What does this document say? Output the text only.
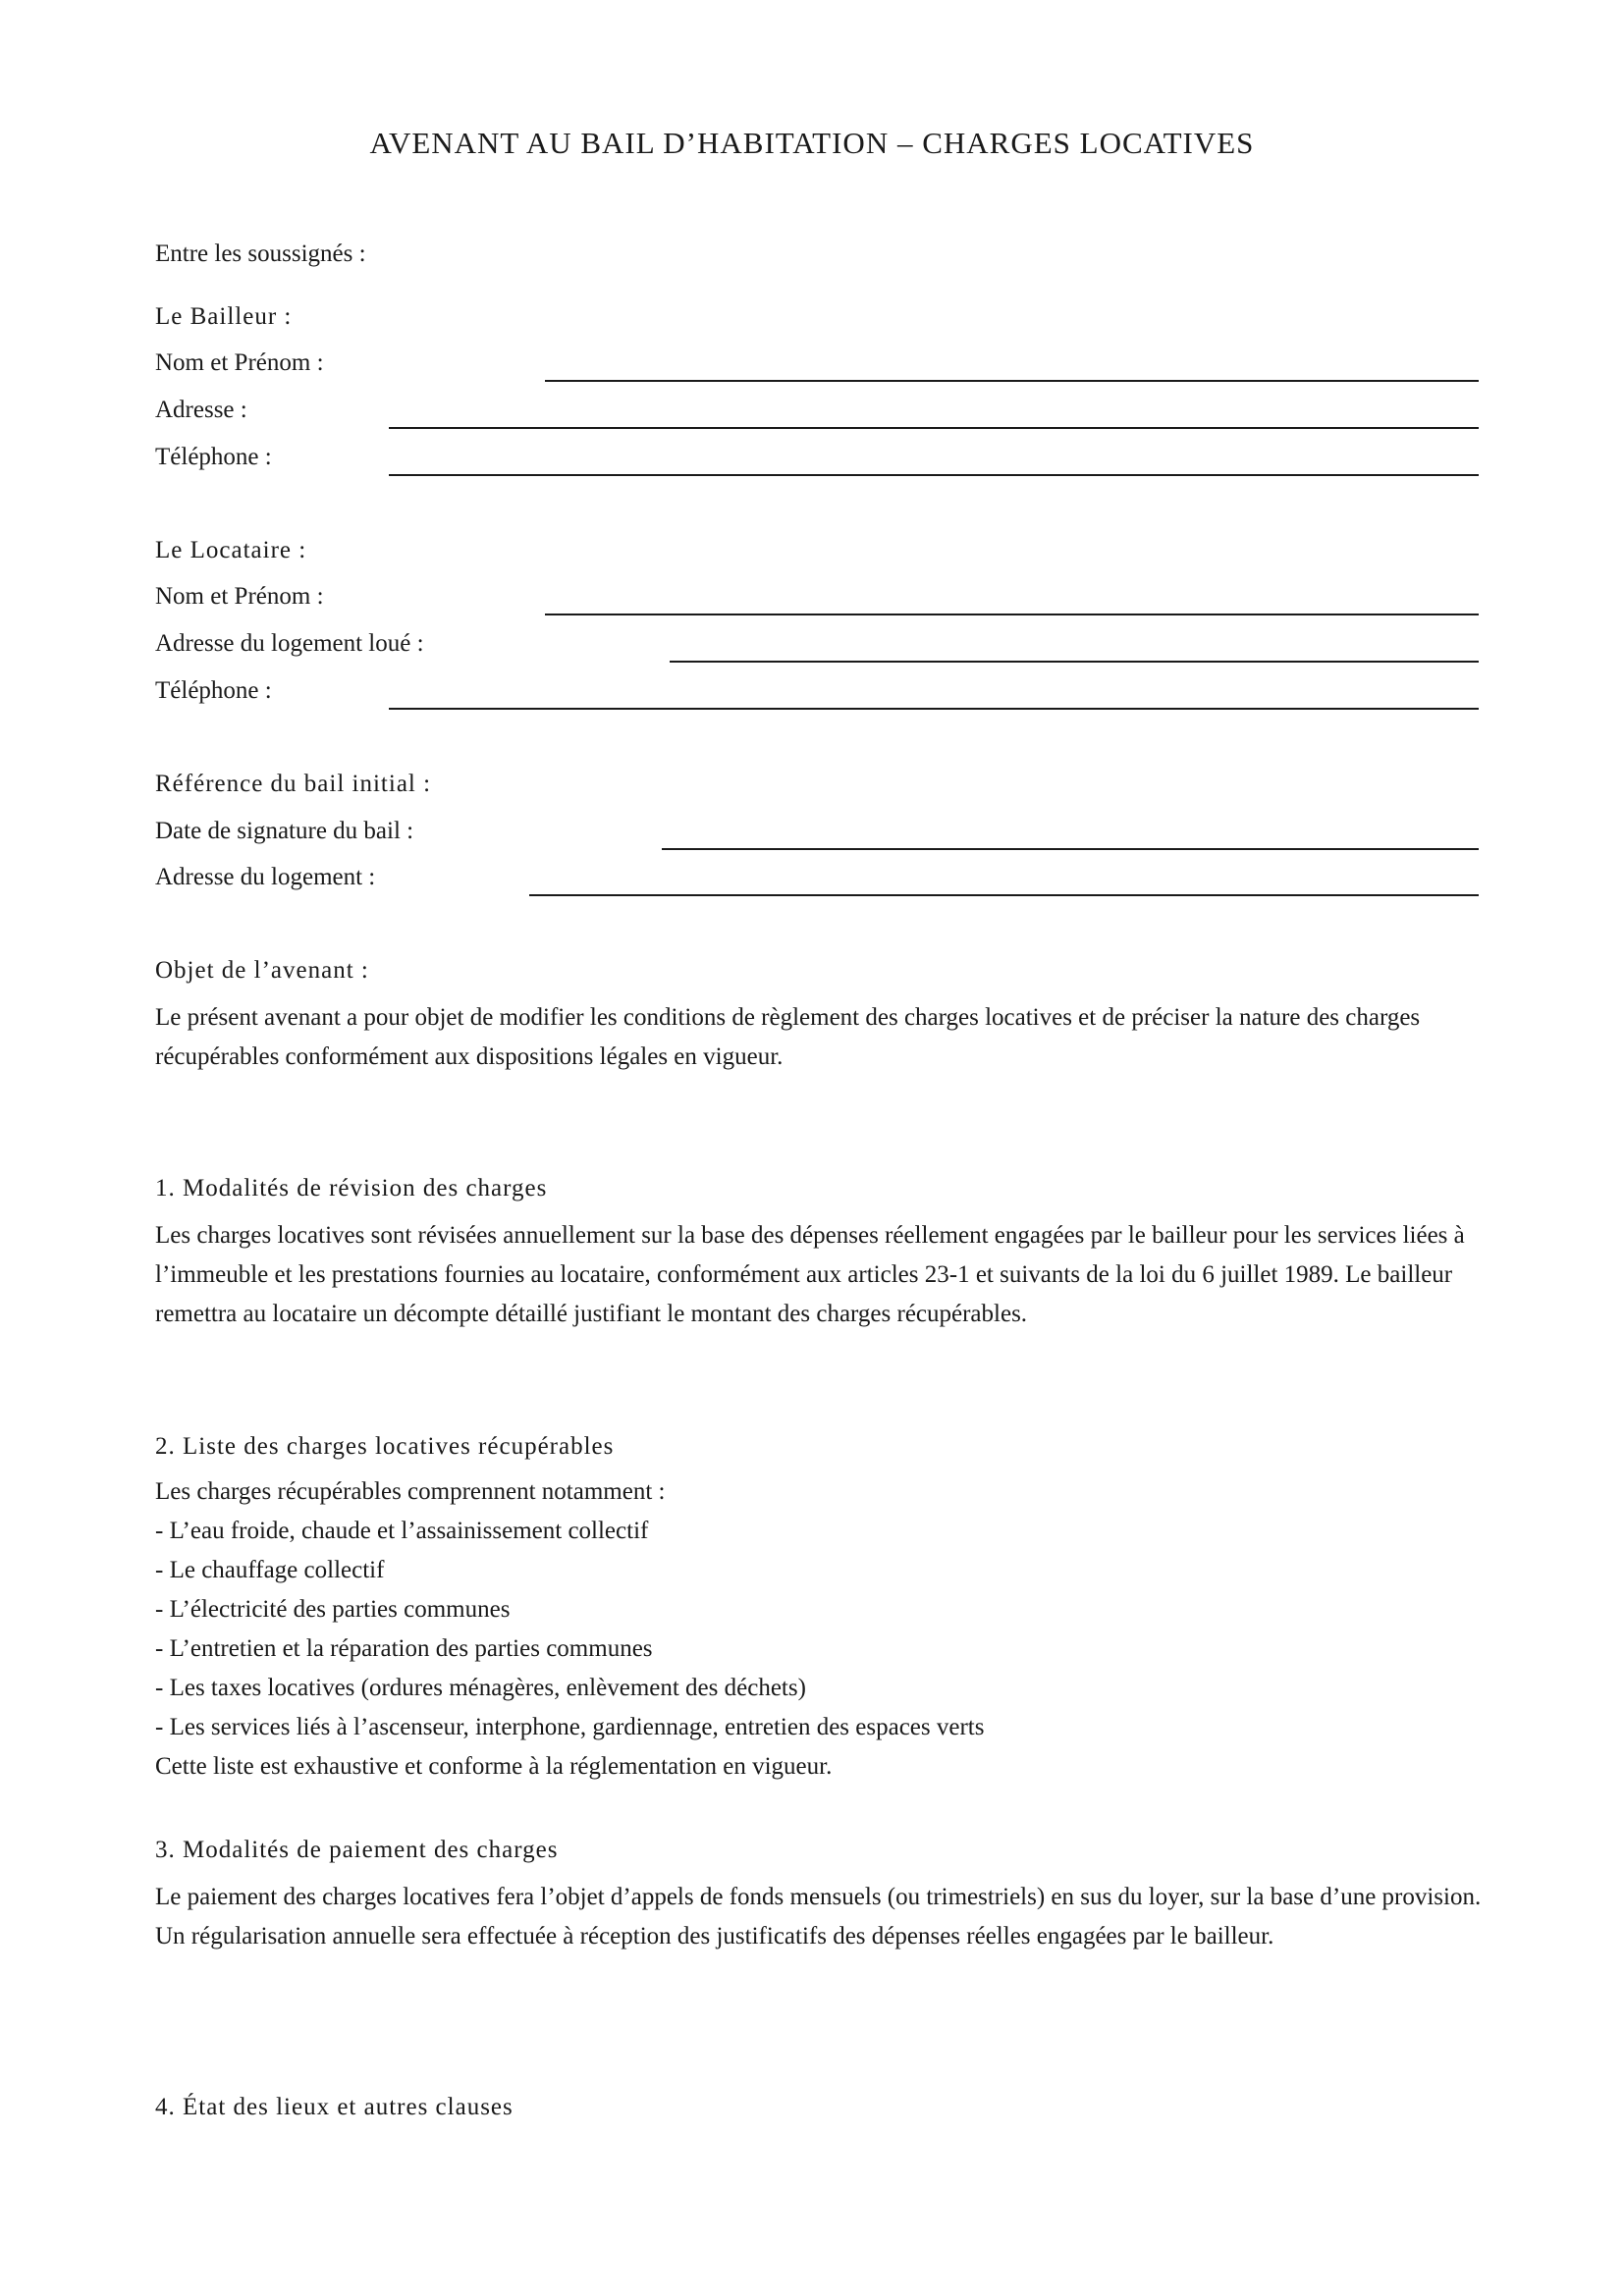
AVENANT AU BAIL D’HABITATION – CHARGES LOCATIVES
Entre les soussignés :
Le Bailleur :
Nom et Prénom :
Adresse :
Téléphone :
Le Locataire :
Nom et Prénom :
Adresse du logement loué :
Téléphone :
Référence du bail initial :
Date de signature du bail :
Adresse du logement :
Objet de l’avenant :

Le présent avenant a pour objet de modifier les conditions de règlement des charges locatives et de préciser la nature des charges récupérables conformément aux dispositions légales en vigueur.

1. Modalités de révision des charges

Les charges locatives sont révisées annuellement sur la base des dépenses réellement engagées par le bailleur pour les services liées à l’immeuble et les prestations fournies au locataire, conformément aux articles 23-1 et suivants de la loi du 6 juillet 1989. Le bailleur remettra au locataire un décompte détaillé justifiant le montant des charges récupérables.

2. Liste des charges locatives récupérables
Les charges récupérables comprennent notamment :
- L’eau froide, chaude et l’assainissement collectif
- Le chauffage collectif
- L’électricité des parties communes
- L’entretien et la réparation des parties communes
- Les taxes locatives (ordures ménagères, enlèvement des déchets)
- Les services liés à l’ascenseur, interphone, gardiennage, entretien des espaces verts
Cette liste est exhaustive et conforme à la réglementation en vigueur.
3. Modalités de paiement des charges

Le paiement des charges locatives fera l’objet d’appels de fonds mensuels (ou trimestriels) en sus du loyer, sur la base d’une provision. Un régularisation annuelle sera effectuée à réception des justificatifs des dépenses réelles engagées par le bailleur.

4. État des lieux et autres clauses
